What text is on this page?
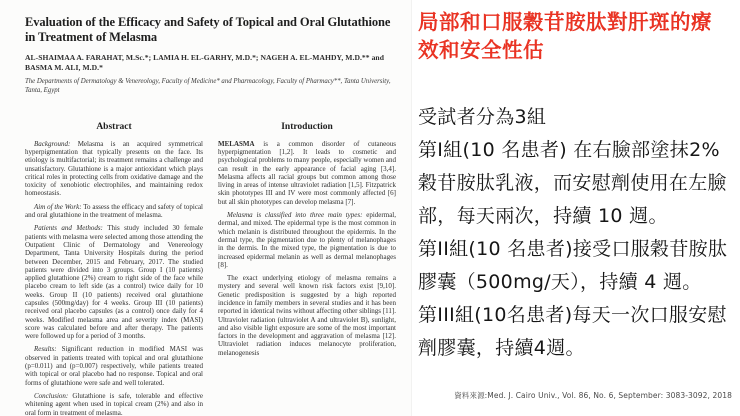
Evaluation of the Efficacy and Safety of Topical and Oral Glutathione in Treatment of Melasma
AL-SHAIMAA A. FARAHAT, M.Sc.*; LAMIA H. EL-GARHY, M.D.*; NAGEH A. EL-MAHDY, M.D.** and BASMA M. ALI, M.D.*
The Departments of Dermatology & Venereology, Faculty of Medicine* and Pharmacology, Faculty of Pharmacy**, Tanta University, Tanta, Egypt
Abstract

Background: Melasma is an acquired symmetrical hyperpigmentation that typically presents on the face. Its etiology is multifactorial; its treatment remains a challenge and unsatisfactory. Glutathione is a major antioxidant which plays critical roles in protecting cells from oxidative damage and the toxicity of xenobiotic electrophiles, and maintaining redox homeostasis.

Aim of the Work: To assess the efficacy and safety of topical and oral glutathione in the treatment of melasma.

Patients and Methods: This study included 30 female patients with melasma were selected among those attending the Outpatient Clinic of Dermatology and Venereology Department, Tanta University Hospitals during the period between December, 2015 and February, 2017. The studied patients were divided into 3 groups. Group I (10 patients) applied glutathione (2%) cream to right side of the face while placebo cream to left side (as a control) twice daily for 10 weeks. Group II (10 patients) received oral glutathione capsules (500mg/day) for 4 weeks. Group III (10 patients) received oral placebo capsules (as a control) once daily for 4 weeks. Modified melasma area and severity index (MASI) score was calculated before and after therapy. The patients were followed up for a period of 3 months.

Results: Significant reduction in modified MASI was observed in patients treated with topical and oral glutathione (p=0.011) and (p=0.007) respectively, while patients treated with topical or oral placebo had no response. Topical and oral forms of glutathione were safe and well tolerated.

Conclusion: Glutathione is safe, tolerable and effective whitening agent when used in topical cream (2%) and also in oral form in treatment of melasma.

Introduction

MELASMA is a common disorder of cutaneous hyperpigmentation [1,2]. It leads to cosmetic and psychological problems to many people, especially women and can result in the early appearance of facial aging [3,4]. Melasma affects all racial groups but common among those living in areas of intense ultraviolet radiation [1,5]. Fitzpatrick skin phototypes III and IV were most commonly affected [6] but all skin phototypes can develop melasma [7].

Melasma is classified into three main types: epidermal, dermal, and mixed. The epidermal type is the most common in which melanin is distributed throughout the epidermis. In the dermal type, the pigmentation due to plenty of melanophages in the dermis. In the mixed type, the pigmentation is due to increased epidermal melanin as well as dermal melanophages [8].

The exact underlying etiology of melasma remains a mystery and several well known risk factors exist [9,10]. Genetic predisposition is suggested by a high reported incidence in family members in several studies and it has been reported in identical twins without affecting other siblings [11]. Ultraviolet radiation (ultraviolet A and ultraviolet B), sunlight, and also visible light exposure are some of the most important factors in the development and aggravation of melasma [12]. Ultraviolet radiation induces melanocyte proliferation, melanogenesis

局部和口服穀苷胺肽對肝斑的療效和安全性估
受試者分為3組
第I組(10 名患者) 在右臉部塗抹2%穀苷胺肽乳液，而安慰劑使用在左臉部，每天兩次，持續 10 週。
第II組(10 名患者)接受口服穀苷胺肽膠囊（500mg/天），持續 4 週。
第III組(10名患者)每天一次口服安慰劑膠囊，持續4週。
資料來源:Med. J. Cairo Univ., Vol. 86, No. 6, September: 3083-3092, 2018
